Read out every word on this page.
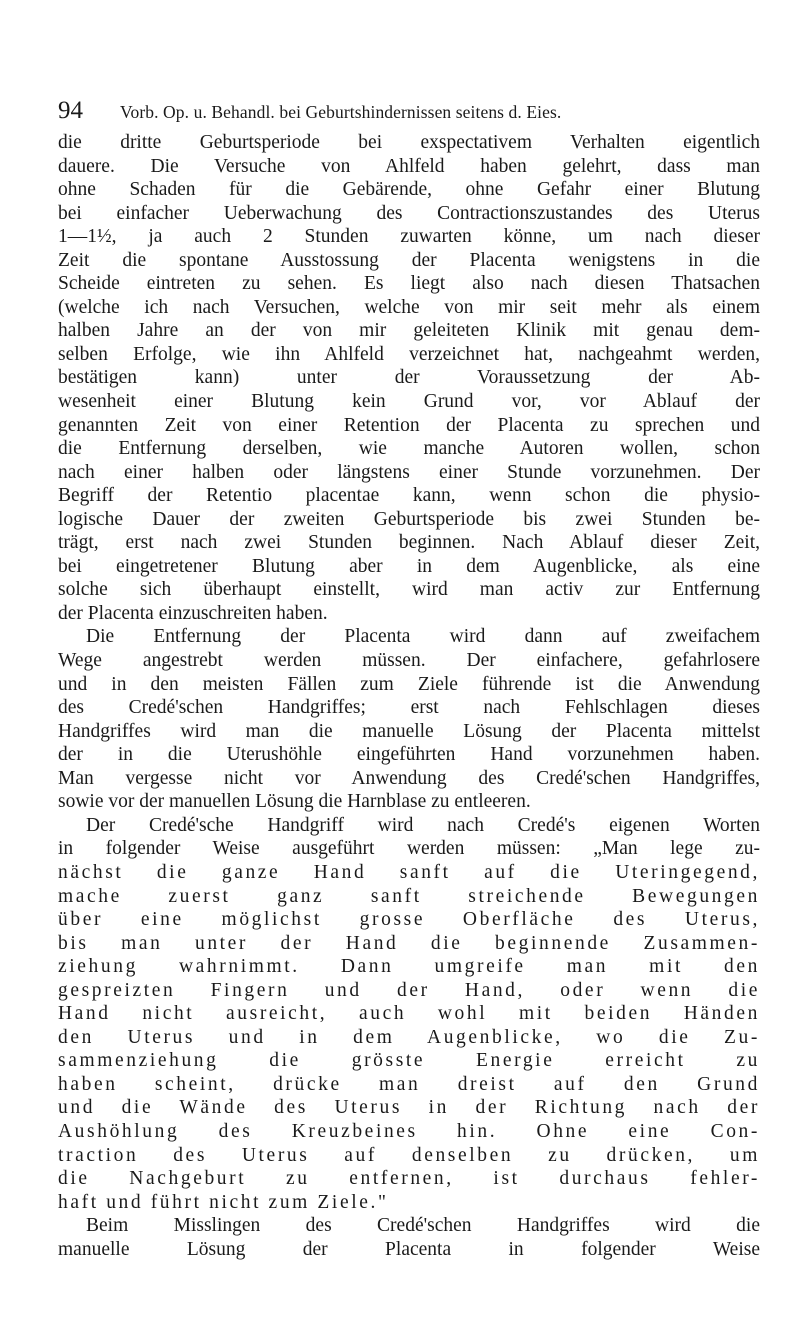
94 Vorb. Op. u. Behandl. bei Geburtshindernissen seitens d. Eies.
die dritte Geburtsperiode bei exspectativem Verhalten eigentlich
dauere. Die Versuche von Ahlfeld haben gelehrt, dass man
ohne Schaden für die Gebärende, ohne Gefahr einer Blutung
bei einfacher Ueberwachung des Contractionszustandes des Uterus
1—1½, ja auch 2 Stunden zuwarten könne, um nach dieser
Zeit die spontane Ausstossung der Placenta wenigstens in die
Scheide eintreten zu sehen. Es liegt also nach diesen Thatsachen
(welche ich nach Versuchen, welche von mir seit mehr als einem
halben Jahre an der von mir geleiteten Klinik mit genau dem-
selben Erfolge, wie ihn Ahlfeld verzeichnet hat, nachgeahmt werden,
bestätigen kann) unter der Voraussetzung der Ab-
wesenheit einer Blutung kein Grund vor, vor Ablauf der
genannten Zeit von einer Retention der Placenta zu sprechen und
die Entfernung derselben, wie manche Autoren wollen, schon
nach einer halben oder längstens einer Stunde vorzunehmen. Der
Begriff der Retentio placentae kann, wenn schon die physio-
logische Dauer der zweiten Geburtsperiode bis zwei Stunden be-
trägt, erst nach zwei Stunden beginnen. Nach Ablauf dieser Zeit,
bei eingetretener Blutung aber in dem Augenblicke, als eine
solche sich überhaupt einstellt, wird man activ zur Entfernung
der Placenta einzuschreiten haben.
Die Entfernung der Placenta wird dann auf zweifachem
Wege angestrebt werden müssen. Der einfachere, gefahrlosere
und in den meisten Fällen zum Ziele führende ist die Anwendung
des Credé'schen Handgriffes; erst nach Fehlschlagen dieses
Handgriffes wird man die manuelle Lösung der Placenta mittelst
der in die Uterushöhle eingeführten Hand vorzunehmen haben.
Man vergesse nicht vor Anwendung des Credé'schen Handgriffes,
sowie vor der manuellen Lösung die Harnblase zu entleeren.
Der Credé'sche Handgriff wird nach Credé's eigenen Worten
in folgender Weise ausgeführt werden müssen: „Man lege zu-
nächst die ganze Hand sanft auf die Uteringegend,
mache zuerst ganz sanft streichende Bewegungen
über eine möglichst grosse Oberfläche des Uterus,
bis man unter der Hand die beginnende Zusammen-
ziehung wahrnimmt. Dann umgreife man mit den
gespreizten Fingern und der Hand, oder wenn die
Hand nicht ausreicht, auch wohl mit beiden Händen
den Uterus und in dem Augenblicke, wo die Zu-
sammenziehung die grösste Energie erreicht zu
haben scheint, drücke man dreist auf den Grund
und die Wände des Uterus in der Richtung nach der
Aushöhlung des Kreuzbeines hin. Ohne eine Con-
traction des Uterus auf denselben zu drücken, um
die Nachgeburt zu entfernen, ist durchaus fehler-
haft und führt nicht zum Ziele."
Beim Misslingen des Credé'schen Handgriffes wird die
manuelle Lösung der Placenta in folgender Weise
